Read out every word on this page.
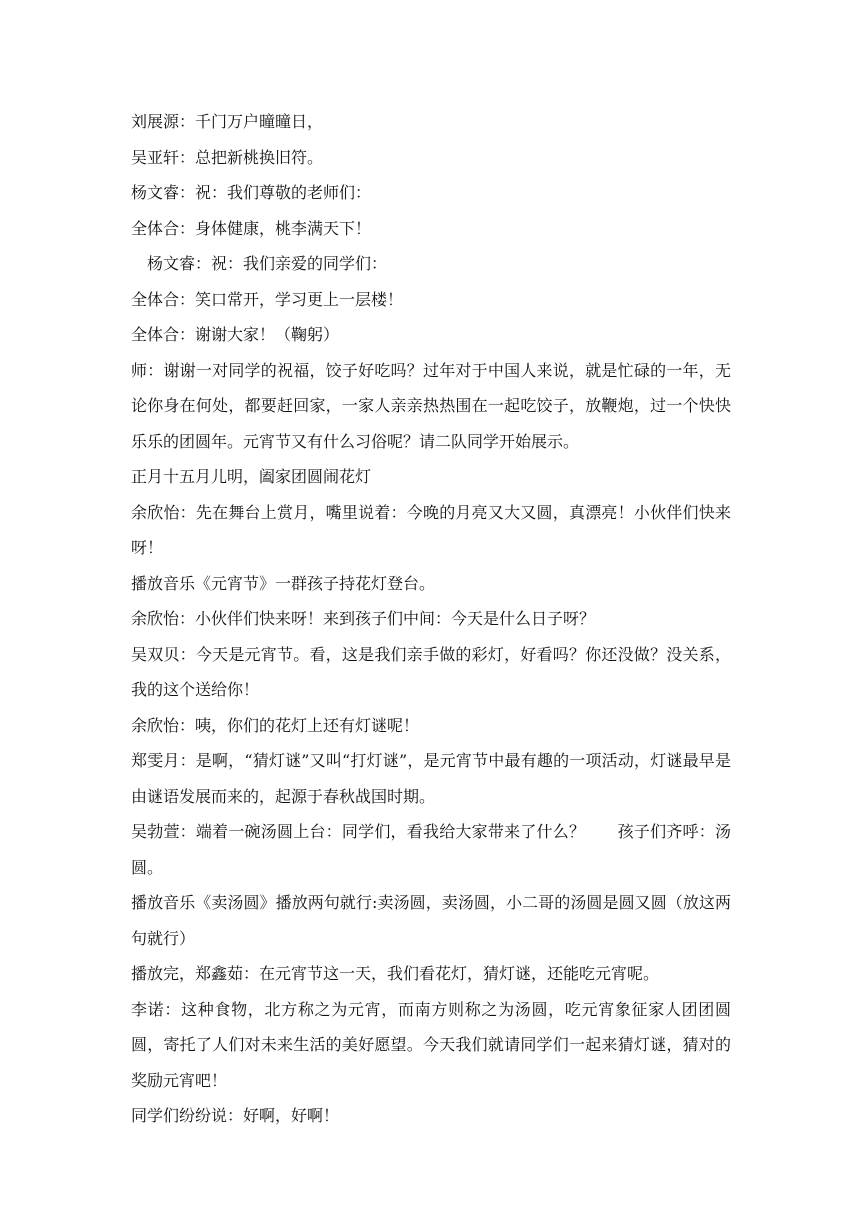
刘展源：千门万户曈曈日，

吴亚轩：总把新桃换旧符。

杨文睿：祝：我们尊敬的老师们：

全体合：身体健康，桃李满天下！

杨文睿：祝：我们亲爱的同学们：

全体合：笑口常开，学习更上一层楼！

全体合：谢谢大家！（鞠躬）

师：谢谢一对同学的祝福，饺子好吃吗？过年对于中国人来说，就是忙碌的一年，无论你身在何处，都要赶回家，一家人亲亲热热围在一起吃饺子，放鞭炮，过一个快快乐乐的团圆年。元宵节又有什么习俗呢？请二队同学开始展示。

正月十五月儿明，阖家团圆闹花灯

余欣怡：先在舞台上赏月，嘴里说着：今晚的月亮又大又圆，真漂亮！小伙伴们快来呀！

播放音乐《元宵节》一群孩子持花灯登台。

余欣怡：小伙伴们快来呀！来到孩子们中间：今天是什么日子呀？

吴双贝：今天是元宵节。看，这是我们亲手做的彩灯，好看吗？你还没做？没关系，我的这个送给你！

余欣怡：咦，你们的花灯上还有灯谜呢！

郑雯月：是啊，“猜灯谜”又叫“打灯谜”，是元宵节中最有趣的一项活动，灯谜最早是由谜语发展而来的，起源于春秋战国时期。

吴勃萱：端着一碗汤圆上台：同学们，看我给大家带来了什么？　　孩子们齐呼：汤圆。

播放音乐《卖汤圆》播放两句就行:卖汤圆，卖汤圆，小二哥的汤圆是圆又圆（放这两句就行）

播放完，郑鑫茹：在元宵节这一天，我们看花灯，猜灯谜，还能吃元宵呢。

李诺：这种食物，北方称之为元宵，而南方则称之为汤圆，吃元宵象征家人团团圆圆，寄托了人们对未来生活的美好愿望。今天我们就请同学们一起来猜灯谜，猜对的奖励元宵吧！

同学们纷纷说：好啊，好啊！
